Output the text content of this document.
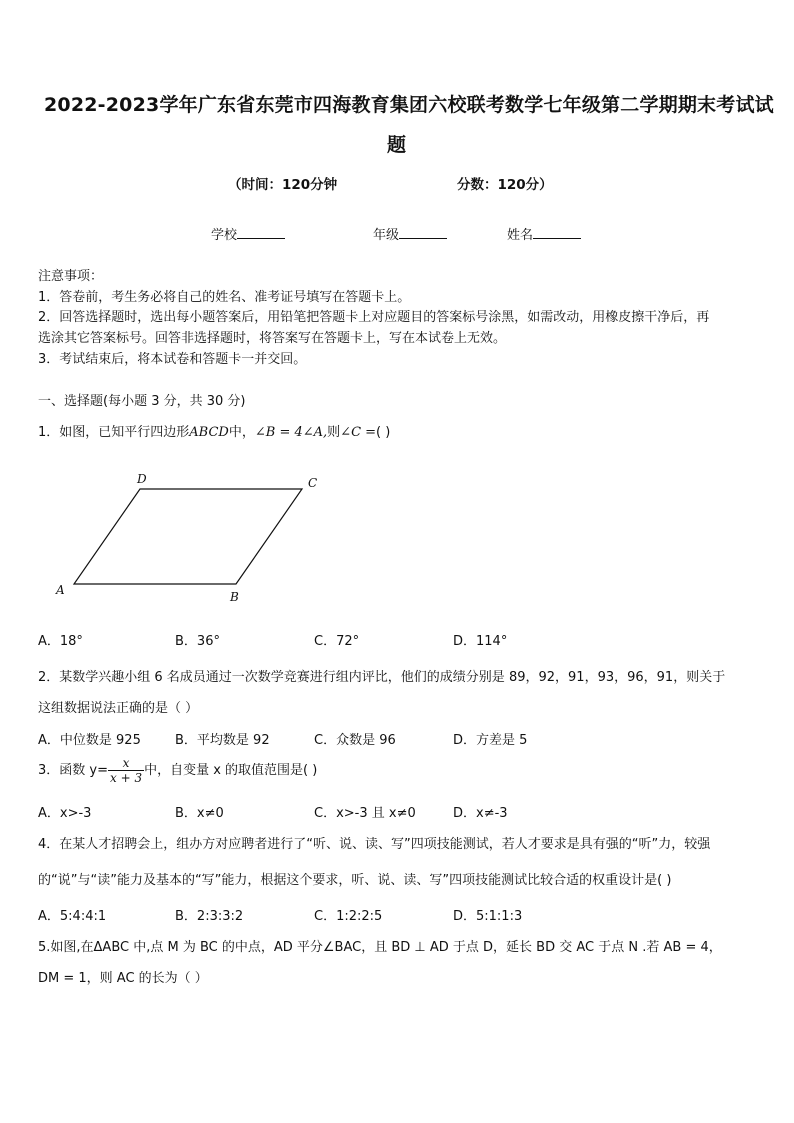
2022-2023学年广东省东莞市四海教育集团六校联考数学七年级第二学期期末考试试
题
（时间：120分钟	分数：120分）
学校	年级	姓名
注意事项：
1．答卷前，考生务必将自己的姓名、准考证号填写在答题卡上。
2．回答选择题时，选出每小题答案后，用铅笔把答题卡上对应题目的答案标号涂黑，如需改动，用橡皮擦干净后，再
选涂其它答案标号。回答非选择题时，将答案写在答题卡上，写在本试卷上无效。
3．考试结束后，将本试卷和答题卡一并交回。
一、选择题(每小题 3 分，共 30 分)
1．如图，已知平行四边形ABCD中，∠B = 4∠A,则∠C =( )
A	B
C
D
A．18°	B．36°	C．72°	D．114°
2．某数学兴趣小组 6 名成员通过一次数学竞赛进行组内评比，他们的成绩分别是 89，92，91，93，96，91，则关于
这组数据说法正确的是（ ）
A．中位数是 925	B．平均数是 92	C．众数是 96	D．方差是 5
3．函数 $y= \frac{x}{x + 3}$ 中，自变量 x 的取值范围是( )
A．x>-3	B．x≠0	C．x>-3 且 x≠0	D．x≠-3
4．在某人才招聘会上，组办方对应聘者进行了“听、说、读、写”四项技能测试，若人才要求是具有强的“听”力，较强
的“说”与“读”能力及基本的“写”能力，根据这个要求，听、说、读、写”四项技能测试比较合适的权重设计是( )
A．5:4:4:1	B．2:3:3:2	C．1:2:2:5	D．5:1:1:3
5.如图,在ΔABC 中,点 M 为 BC 的中点，AD 平分∠BAC，且 BD ⊥ AD 于点 D，延长 BD 交 AC 于点 N .若 AB = 4，
DM = 1，则 AC 的长为（ ）
